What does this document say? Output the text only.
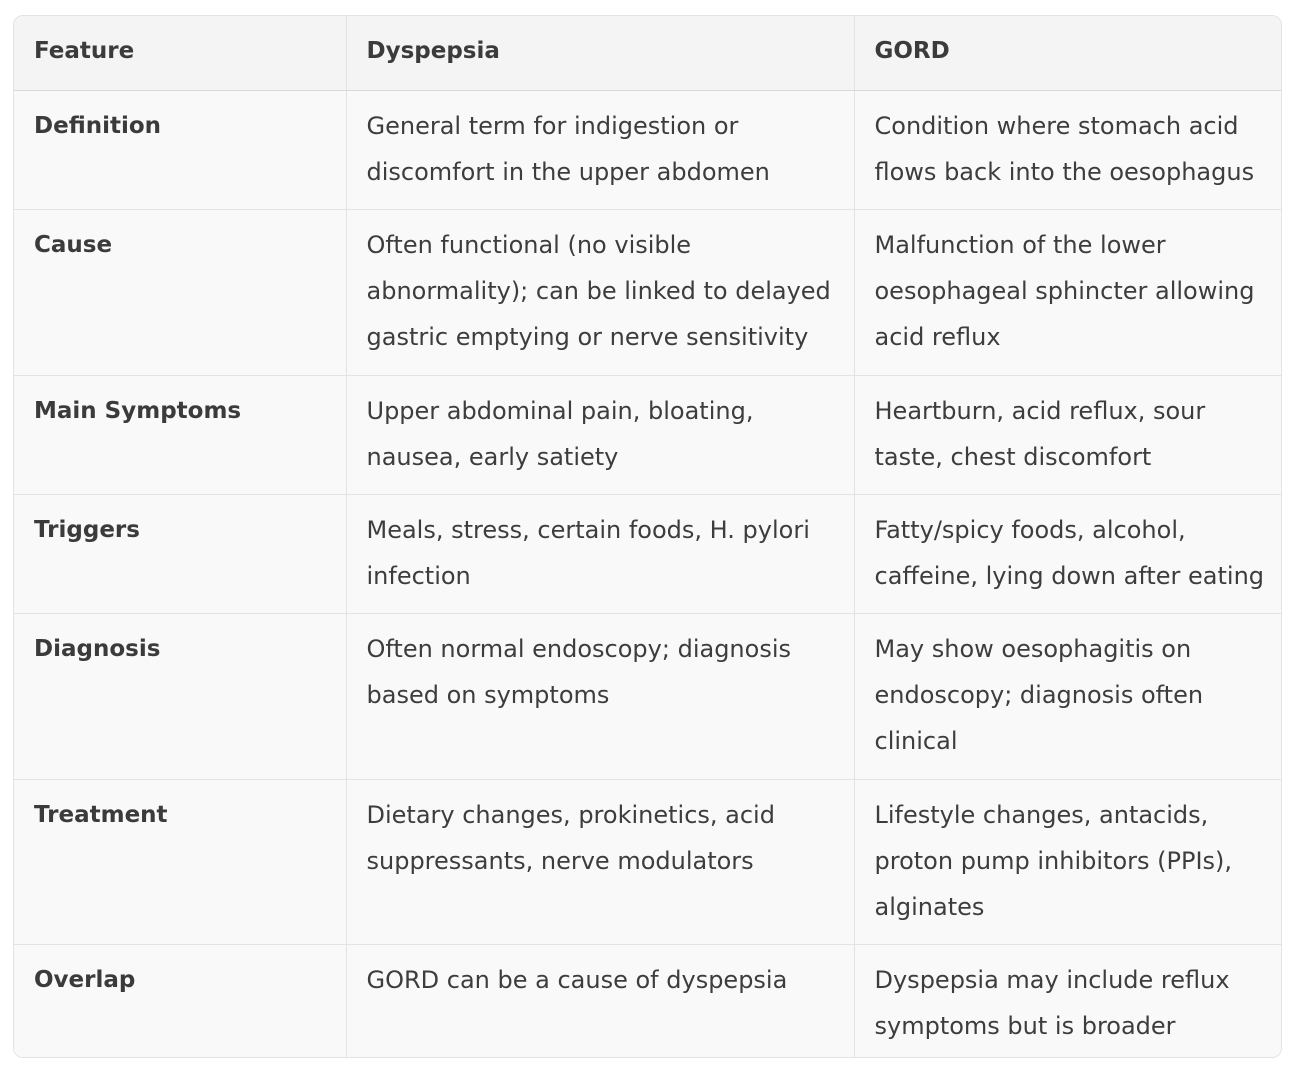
Feature	Dyspepsia	GORD

Definition	General term for indigestion or discomfort in the upper abdomen	Condition where stomach acid flows back into the oesophagus

Cause	Often functional (no visible abnormality); can be linked to delayed gastric emptying or nerve sensitivity	Malfunction of the lower oesophageal sphincter allowing acid reflux

Main Symptoms	Upper abdominal pain, bloating, nausea, early satiety	Heartburn, acid reflux, sour taste, chest discomfort

Triggers	Meals, stress, certain foods, H. pylori infection	Fatty/spicy foods, alcohol, caffeine, lying down after eating

Diagnosis	Often normal endoscopy; diagnosis based on symptoms	May show oesophagitis on endoscopy; diagnosis often clinical

Treatment	Dietary changes, prokinetics, acid suppressants, nerve modulators	Lifestyle changes, antacids, proton pump inhibitors (PPIs), alginates

Overlap	GORD can be a cause of dyspepsia	Dyspepsia may include reflux symptoms but is broader
